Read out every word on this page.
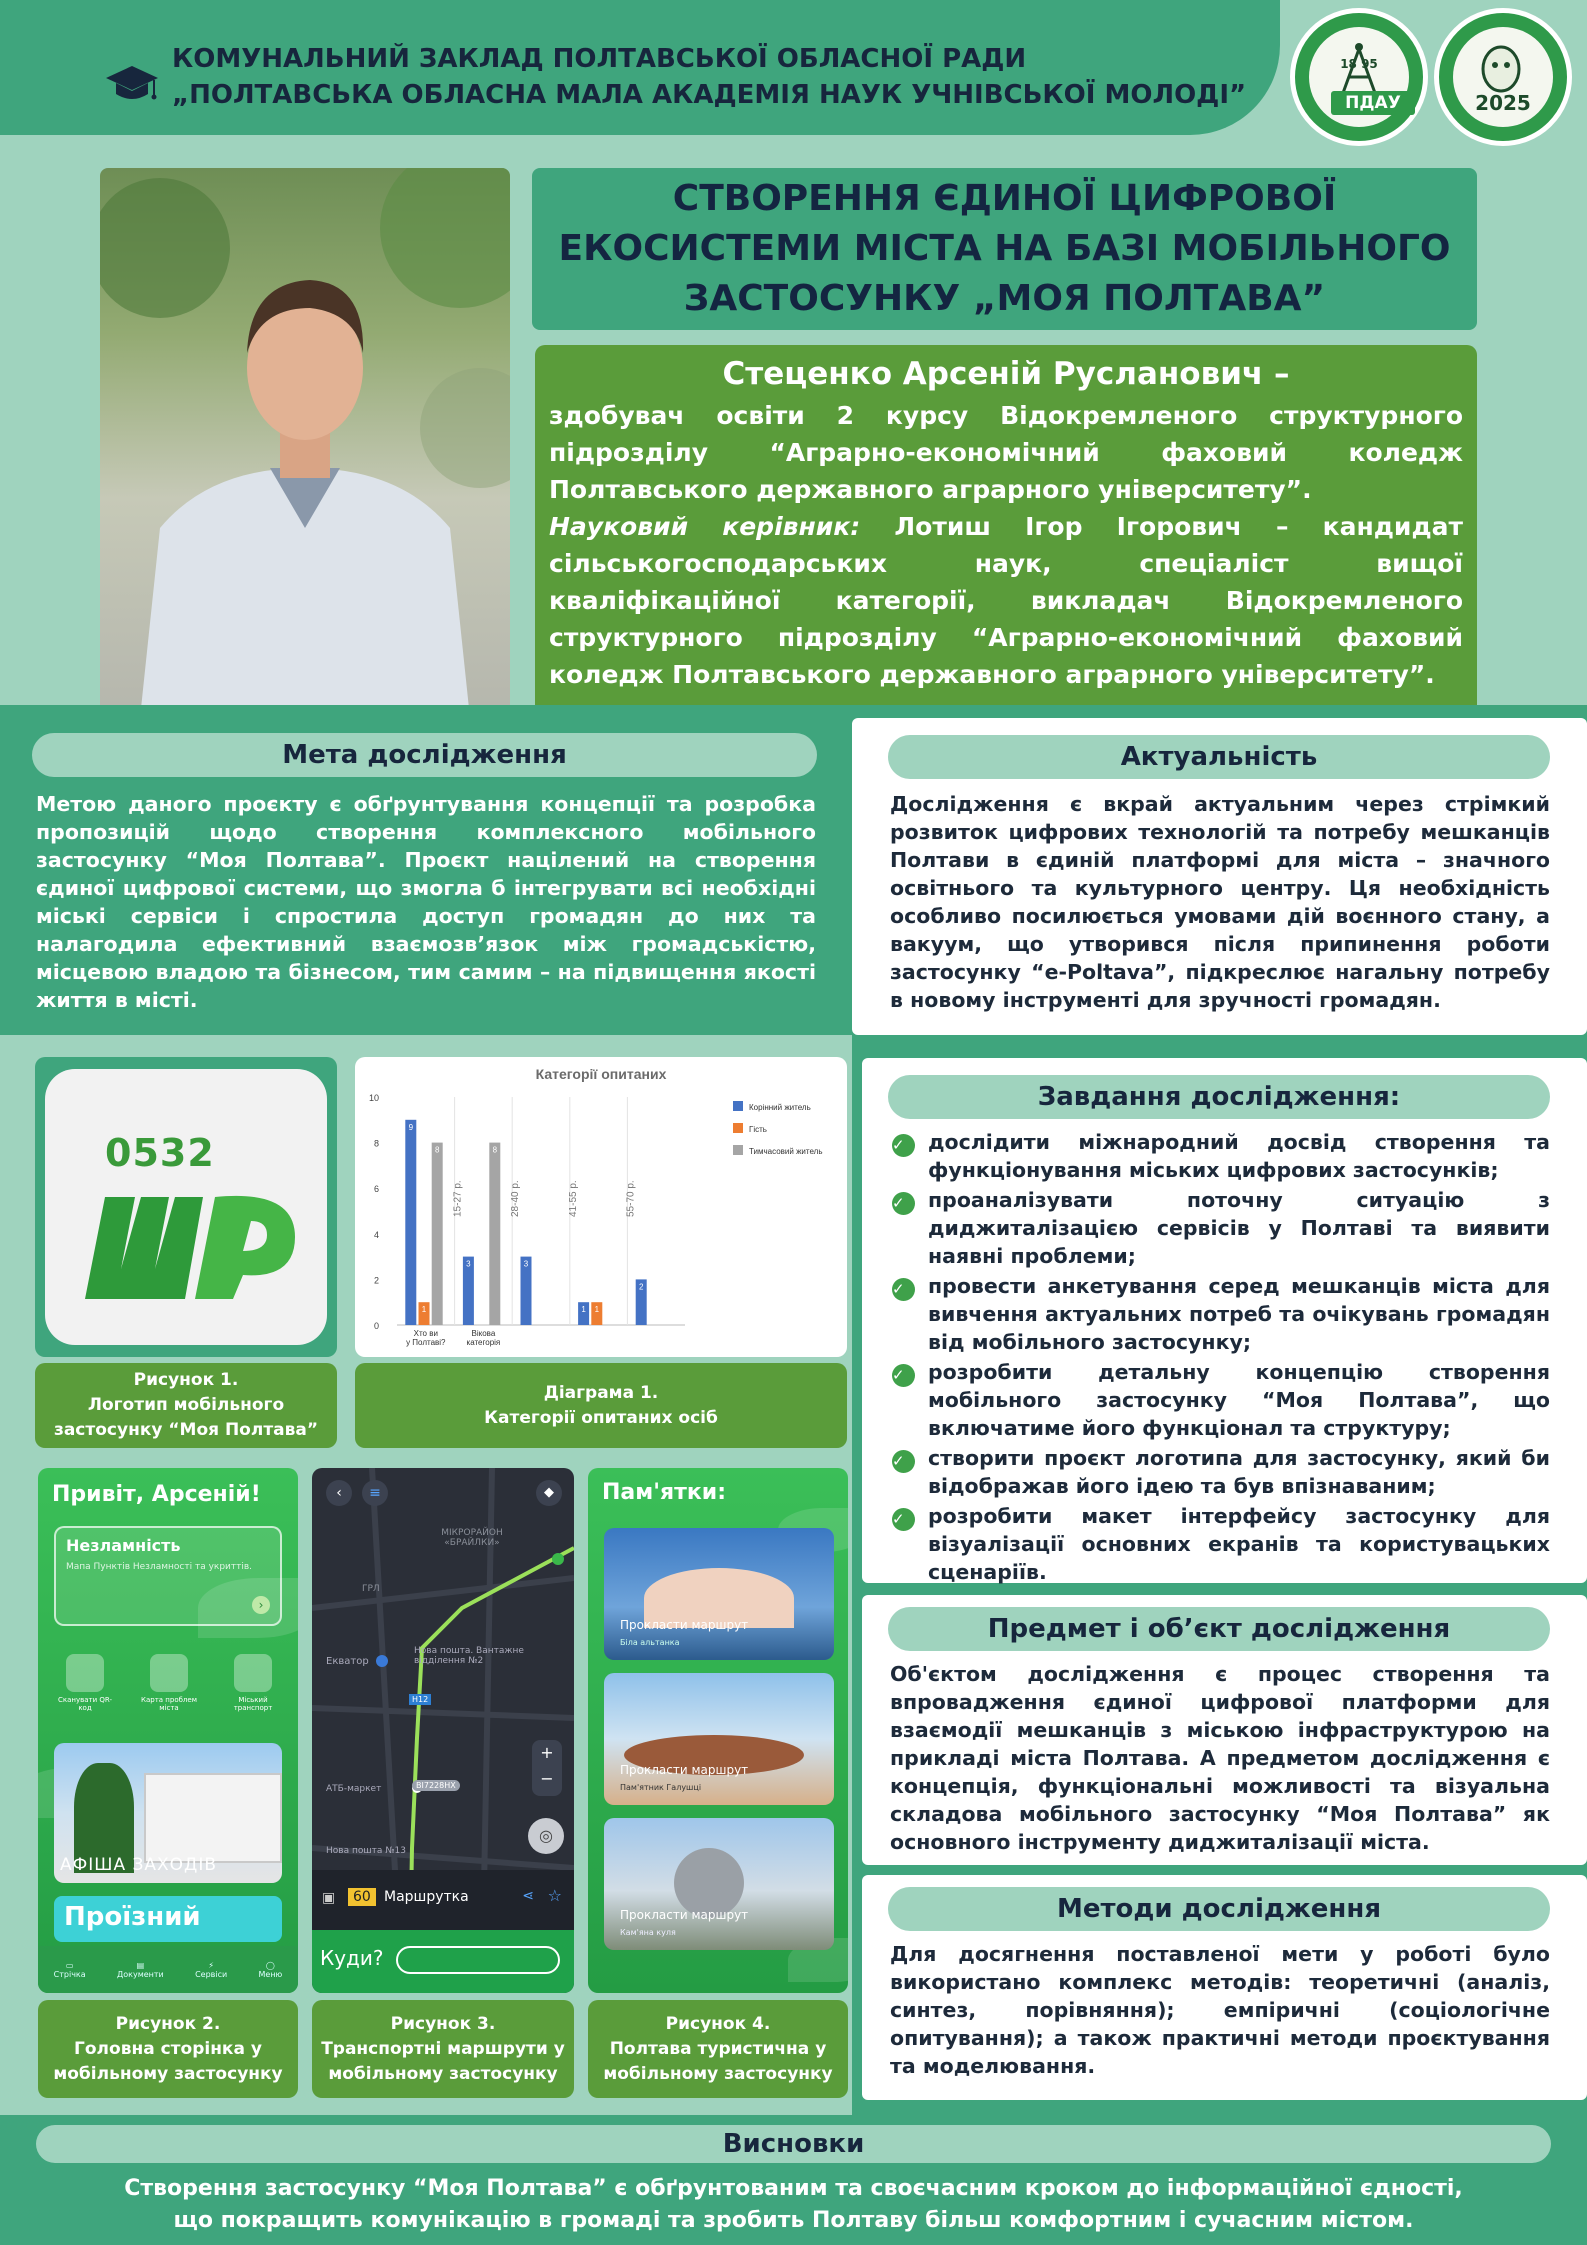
КОМУНАЛЬНИЙ ЗАКЛАД ПОЛТАВСЬКОЇ ОБЛАСНОЇ РАДИ
„ПОЛТАВСЬКА ОБЛАСНА МАЛА АКАДЕМІЯ НАУК УЧНІВСЬКОЇ МОЛОДІ”
18 95
ПДАУ	2025
СТВОРЕННЯ ЄДИНОЇ ЦИФРОВОЇ ЕКОСИСТЕМИ МІСТА НА БАЗІ МОБІЛЬНОГО ЗАСТОСУНКУ „МОЯ ПОЛТАВА”
Стеценко Арсеній Русланович –
здобувач освіти 2 курсу Відокремленого структурного підрозділу “Аграрно-економічний фаховий коледж Полтавського державного аграрного університету”.
Науковий керівник: Лотиш Ігор Ігорович – кандидат сільськогосподарських наук, спеціаліст вищої кваліфікаційної категорії, викладач Відокремленого структурного підрозділу “Аграрно-економічний фаховий коледж Полтавського державного аграрного університету”.
Мета дослідження
Метою даного проєкту є обґрунтування концепції та розробка пропозицій щодо створення комплексного мобільного застосунку “Моя Полтава”. Проєкт націлений на створення єдиної цифрової системи, що змогла б інтегрувати всі необхідні міські сервіси і спростила доступ громадян до них та налагодила ефективний взаємозв’язок між громадськістю, місцевою владою та бізнесом, тим самим – на підвищення якості життя в місті.
Актуальність
Дослідження є вкрай актуальним через стрімкий розвиток цифрових технологій та потребу мешканців Полтави в єдиній платформі для міста – значного освітнього та культурного центру. Ця необхідність особливо посилюється умовами дій воєнного стану, а вакуум, що утворився після припинення роботи застосунку “e-Poltava”, підкреслює нагальну потребу в новому інструменті для зручності громадян.
0532
Рисунок 1.
Логотип мобільного застосунку “Моя Полтава”
Категорії опитаних
0
2
4
6
8
10
9
1
8
Хто ви у Полтаві?
3
8
Вікова категорія
3
1 1
2
15-27 р.	28-40 р.	41-55 р.	55-70 р.
Корінний житель
Гість
Тимчасовий житель
Діаграма 1.
Категорії опитаних осіб
Привіт, Арсеній!
Незламність
Мапа Пунктів Незламності та укриттів.
›
Сканувати QR-код
Карта проблем міста
Міський транспорт
АФІША ЗАХОДІВ
Проїзний
▭
Стрічка
▤
Документи
⚡
Сервіси
◯
Меню
Рисунок 2.
Головна сторінка у мобільному застосунку
‹	≡	◆
МІКРОРАЙОН «БРАЙЛКИ»
ГРЛ
Екватор
Нова пошта. Вантажне відділення №2
АТБ-маркет
Нова пошта №13
Н12
ВІ7228НХ
+
−
◎
▣	60 Маршрутка	⋖ ☆
Куди?
Рисунок 3.
Транспортні маршрути у мобільному застосунку
Пам'ятки:
Прокласти маршрут
Біла альтанка
Прокласти маршрут
Пам'ятник Галушці
Прокласти маршрут
Кам'яна куля
Рисунок 4.
Полтава туристична у мобільному застосунку
Завдання дослідження:
✓	дослідити міжнародний досвід створення та функціонування міських цифрових застосунків;
✓	проаналізувати поточну ситуацію з диджиталізацією сервісів у Полтаві та виявити наявні проблеми;
✓	провести анкетування серед мешканців міста для вивчення актуальних потреб та очікувань громадян від мобільного застосунку;
✓	розробити детальну концепцію створення мобільного застосунку “Моя Полтава”, що включатиме його функціонал та структуру;
✓	створити проєкт логотипа для застосунку, який би відображав його ідею та був впізнаваним;
✓	розробити макет інтерфейсу застосунку для візуалізації основних екранів та користувацьких сценаріїв.
Предмет і об’єкт дослідження
Об'єктом дослідження є процес створення та впровадження єдиної цифрової платформи для взаємодії мешканців з міською інфраструктурою на прикладі міста Полтава. А предметом дослідження є концепція, функціональні можливості та візуальна складова мобільного застосунку “Моя Полтава” як основного інструменту диджиталізації міста.
Методи дослідження
Для досягнення поставленої мети у роботі було використано комплекс методів: теоретичні (аналіз, синтез, порівняння); емпіричні (соціологічне опитування); а також практичні методи проєктування та моделювання.
Висновки
Створення застосунку “Моя Полтава” є обґрунтованим та своєчасним кроком до інформаційної єдності,
що покращить комунікацію в громаді та зробить Полтаву більш комфортним і сучасним містом.
